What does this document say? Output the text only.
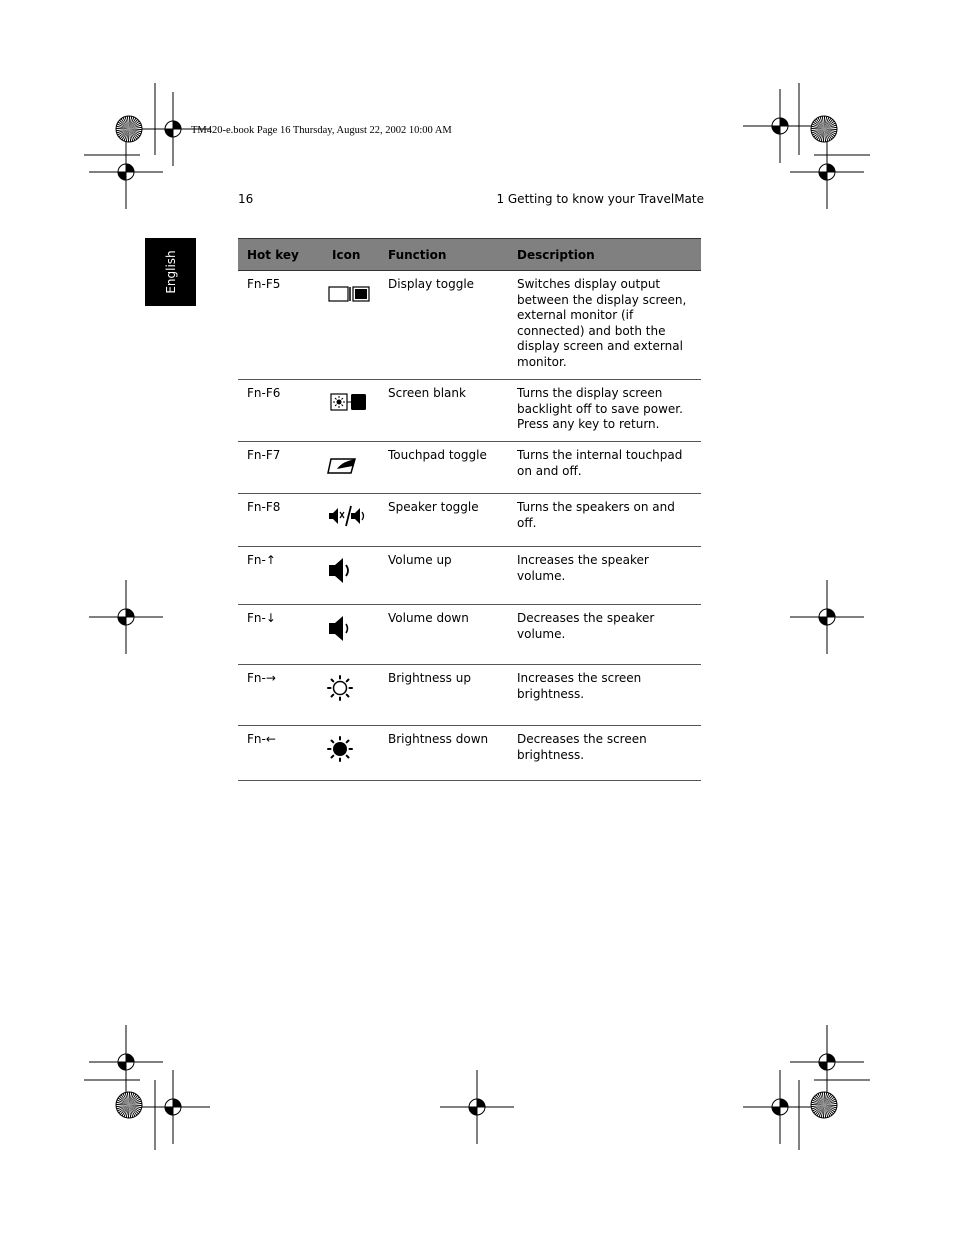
TM420-e.book Page 16 Thursday, August 22, 2002 10:00 AM
16	1 Getting to know your TravelMate
English	Hot key	Icon	Function	Description
Fn-F5		Display toggle	Switches display output between the display screen, external monitor (if connected) and both the display screen and external monitor.
Fn-F6		Screen blank	Turns the display screen backlight off to save power. Press any key to return.
Fn-F7		Touchpad toggle	Turns the internal touchpad on and off.
Fn-F8		Speaker toggle	Turns the speakers on and off.
Fn-↑		Volume up	Increases the speaker volume.
Fn-↓		Volume down	Decreases the speaker volume.
Fn-→		Brightness up	Increases the screen brightness.
Fn-←		Brightness down	Decreases the screen brightness.
